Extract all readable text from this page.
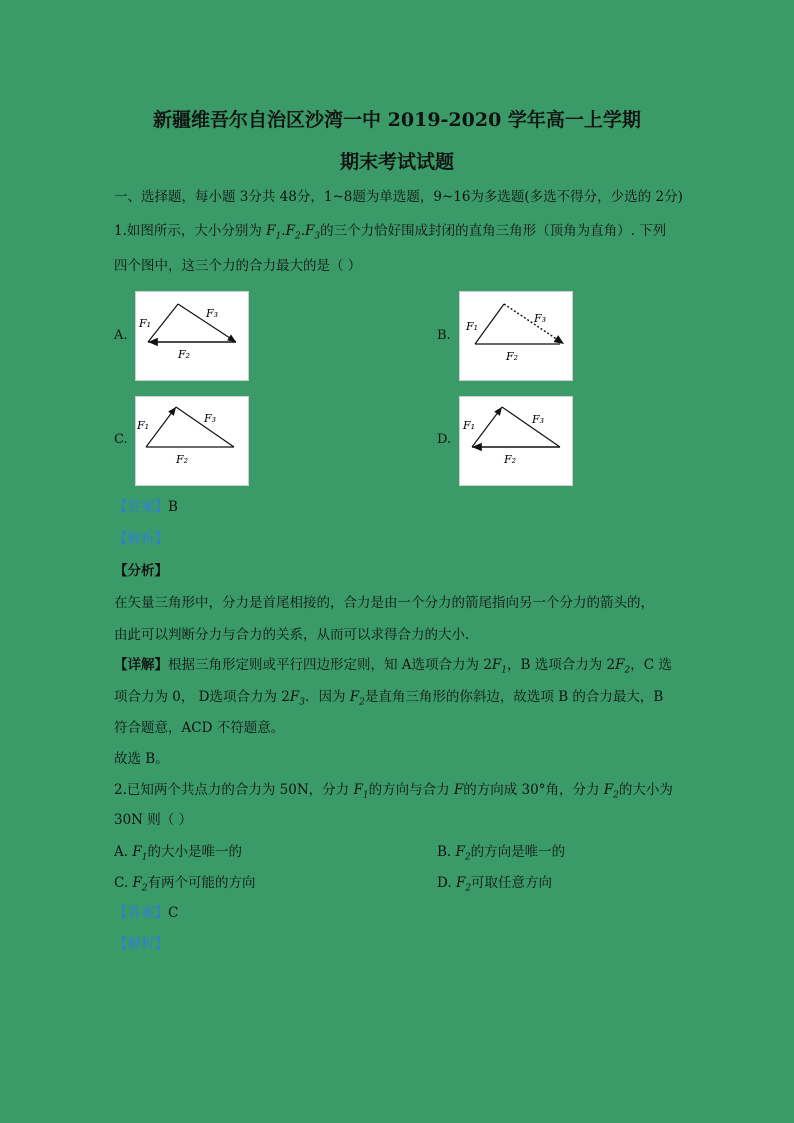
新疆维吾尔自治区沙湾一中 2019-2020 学年高一上学期
期末考试试题
一、选择题，每小题 3分共 48分，1~8题为单选题，9~16为多选题(多选不得分，少选的 2分)
1.如图所示，大小分别为 $F_1.F_2.F_3$的三个力恰好围成封闭的直角三角形（顶角为直角）. 下列
四个图中，这三个力的合力最大的是（ ）
A.
F₁
F₃
F₂
B.
F₁
F₃
F₂
C.
F₁
F₃
F₂
D.
F₁	F₃
F₂
【答案】B
【解析】
【分析】
在矢量三角形中，分力是首尾相接的，合力是由一个分力的箭尾指向另一个分力的箭头的，
由此可以判断分力与合力的关系，从而可以求得合力的大小．
【详解】根据三角形定则或平行四边形定则，知 A选项合力为 $2F_1$，B 选项合力为 $2F_2$，C 选
项合力为 0， D选项合力为 $2F_3$．因为 $F_2$是直角三角形的你斜边，故选项 B 的合力最大，B
符合题意，ACD 不符题意。
故选 B。
2.已知两个共点力的合力为 50N，分力 $F_1$的方向与合力 F的方向成 30°角，分力 $F_2$的大小为
30N 则（ ）
A. $F_1$的大小是唯一的	B. $F_2$的方向是唯一的
C. $F_2$有两个可能的方向	D. $F_2$可取任意方向
【答案】C
【解析】
